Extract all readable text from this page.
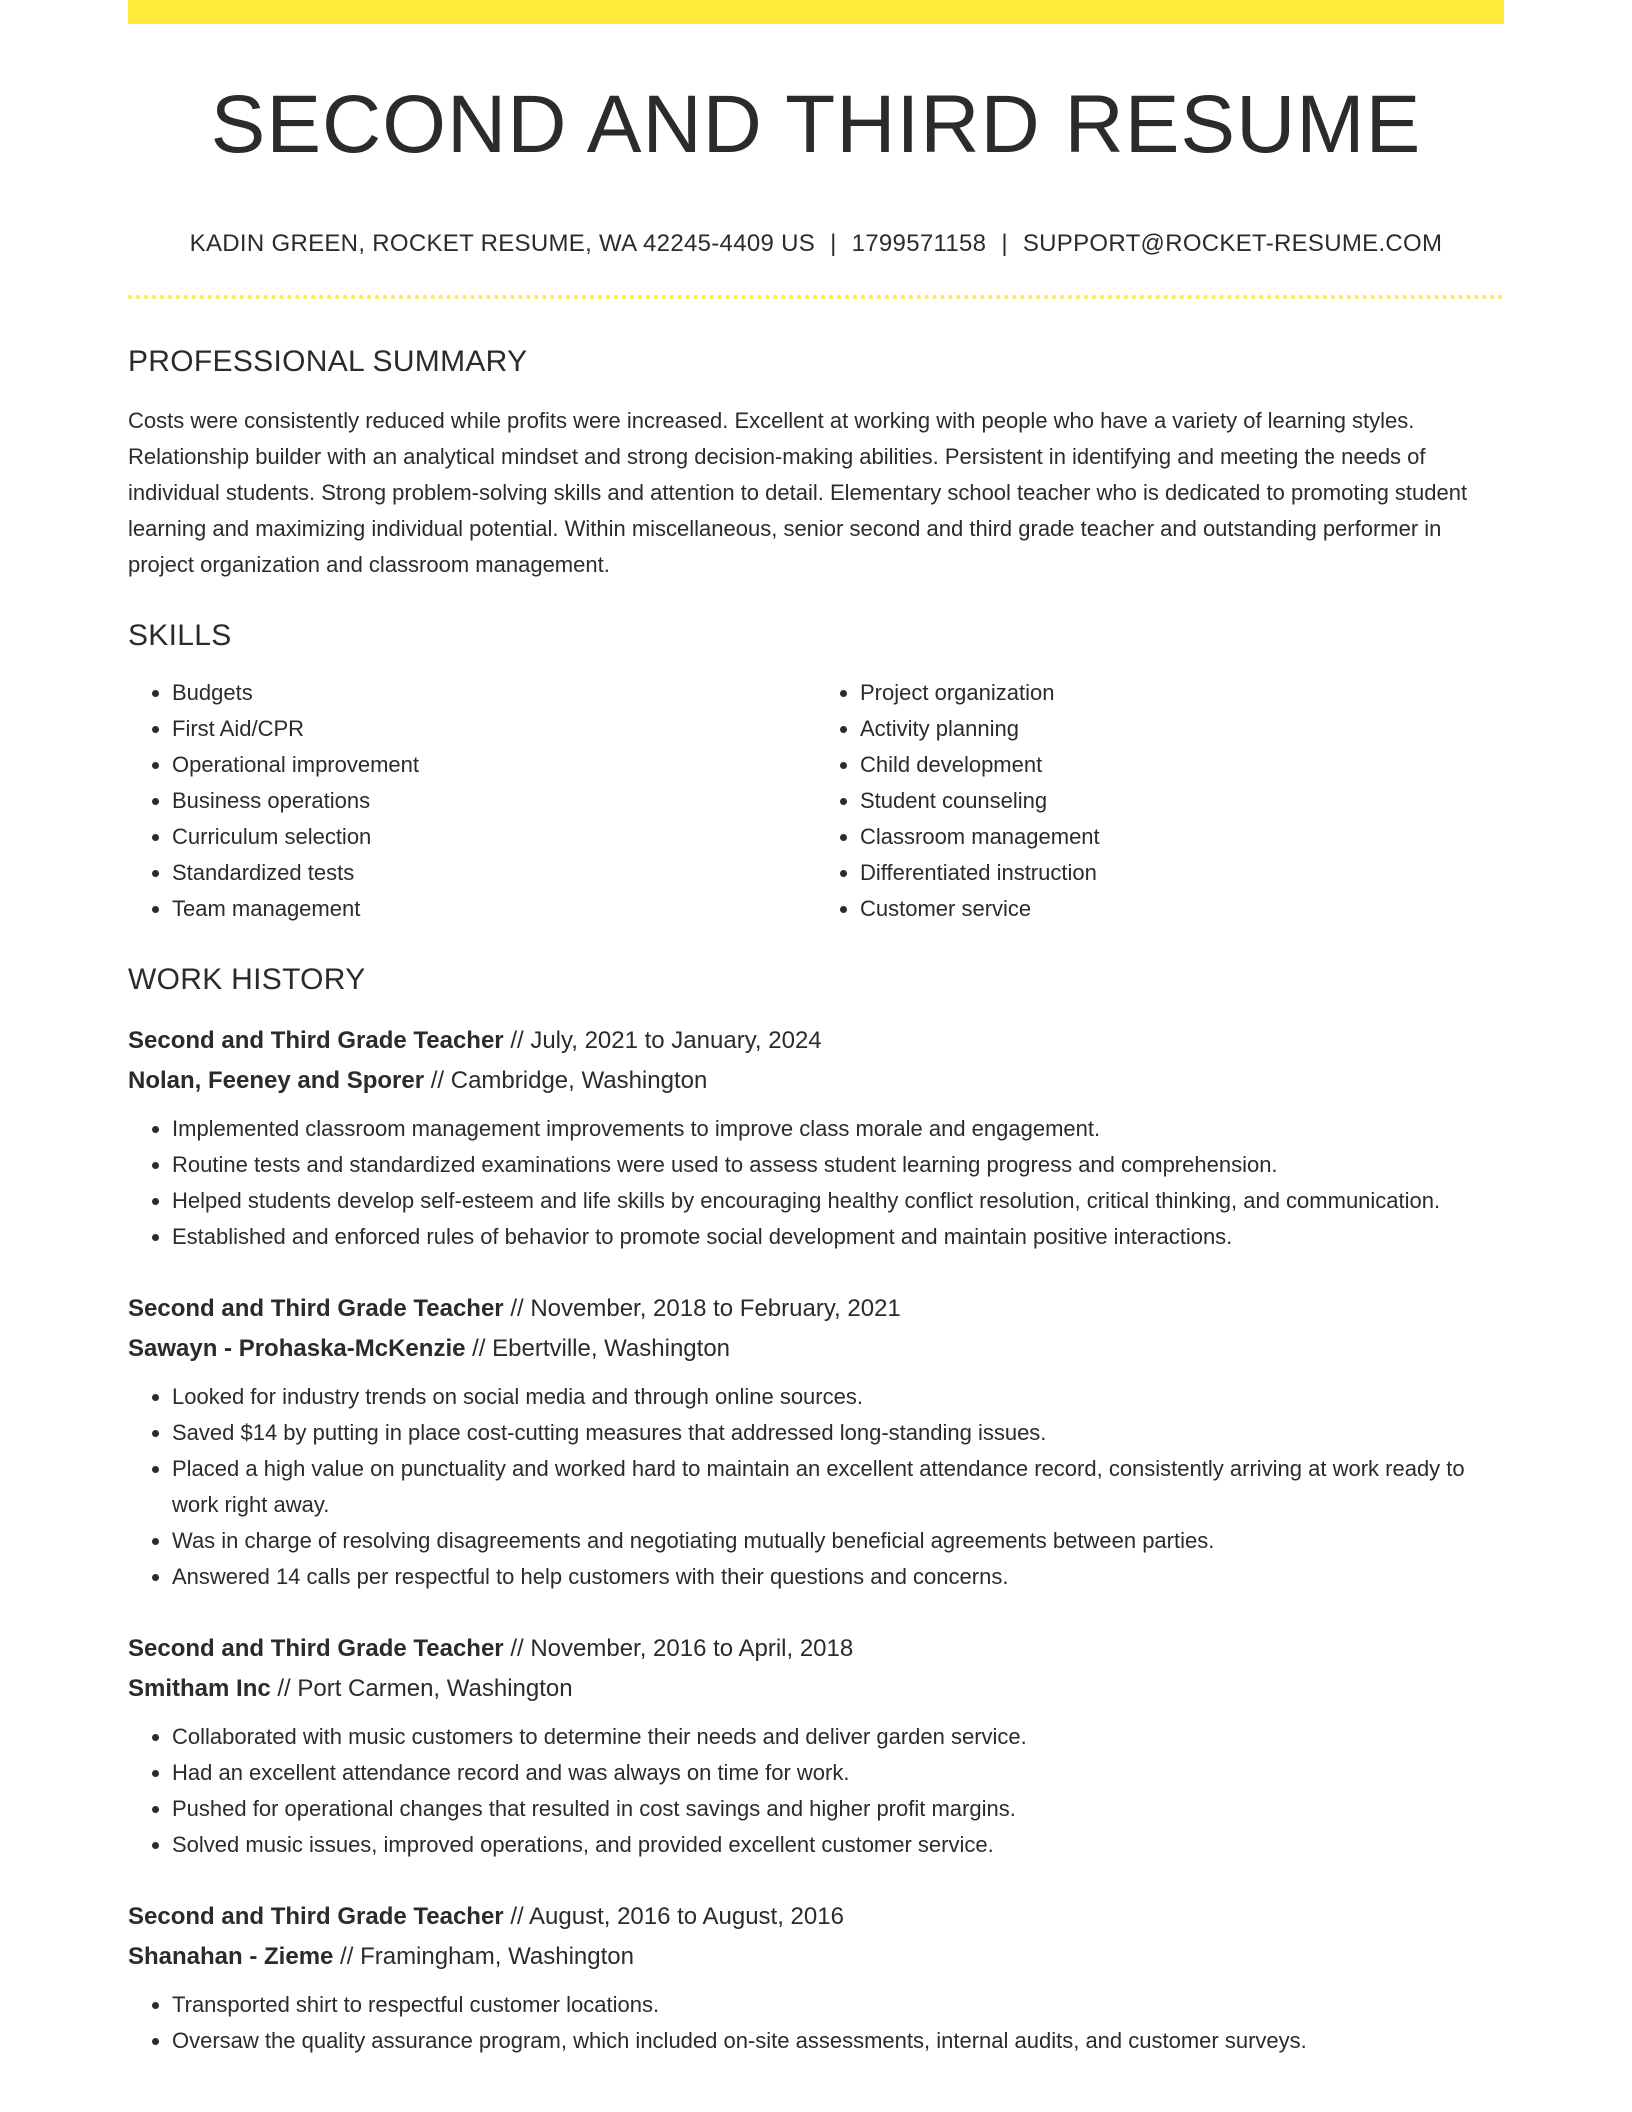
SECOND AND THIRD RESUME
KADIN GREEN, ROCKET RESUME, WA 42245-4409 US | 1799571158 | SUPPORT@ROCKET-RESUME.COM
PROFESSIONAL SUMMARY

Costs were consistently reduced while profits were increased. Excellent at working with people who have a variety of learning styles. Relationship builder with an analytical mindset and strong decision-making abilities. Persistent in identifying and meeting the needs of individual students. Strong problem-solving skills and attention to detail. Elementary school teacher who is dedicated to promoting student learning and maximizing individual potential. Within miscellaneous, senior second and third grade teacher and outstanding performer in project organization and classroom management.

SKILLS
• Budgets
• First Aid/CPR
• Operational improvement
• Business operations
• Curriculum selection
• Standardized tests
• Team management
• Project organization
• Activity planning
• Child development
• Student counseling
• Classroom management
• Differentiated instruction
• Customer service
WORK HISTORY
Second and Third Grade Teacher // July, 2021 to January, 2024
Nolan, Feeney and Sporer // Cambridge, Washington
• Implemented classroom management improvements to improve class morale and engagement.
• Routine tests and standardized examinations were used to assess student learning progress and comprehension.
• Helped students develop self-esteem and life skills by encouraging healthy conflict resolution, critical thinking, and communication.
• Established and enforced rules of behavior to promote social development and maintain positive interactions.
Second and Third Grade Teacher // November, 2018 to February, 2021
Sawayn - Prohaska-McKenzie // Ebertville, Washington
• Looked for industry trends on social media and through online sources.
• Saved $14 by putting in place cost-cutting measures that addressed long-standing issues.
• Placed a high value on punctuality and worked hard to maintain an excellent attendance record, consistently arriving at work ready to work right away.
• Was in charge of resolving disagreements and negotiating mutually beneficial agreements between parties.
• Answered 14 calls per respectful to help customers with their questions and concerns.
Second and Third Grade Teacher // November, 2016 to April, 2018
Smitham Inc // Port Carmen, Washington
• Collaborated with music customers to determine their needs and deliver garden service.
• Had an excellent attendance record and was always on time for work.
• Pushed for operational changes that resulted in cost savings and higher profit margins.
• Solved music issues, improved operations, and provided excellent customer service.
Second and Third Grade Teacher // August, 2016 to August, 2016
Shanahan - Zieme // Framingham, Washington
• Transported shirt to respectful customer locations.
• Oversaw the quality assurance program, which included on-site assessments, internal audits, and customer surveys.
